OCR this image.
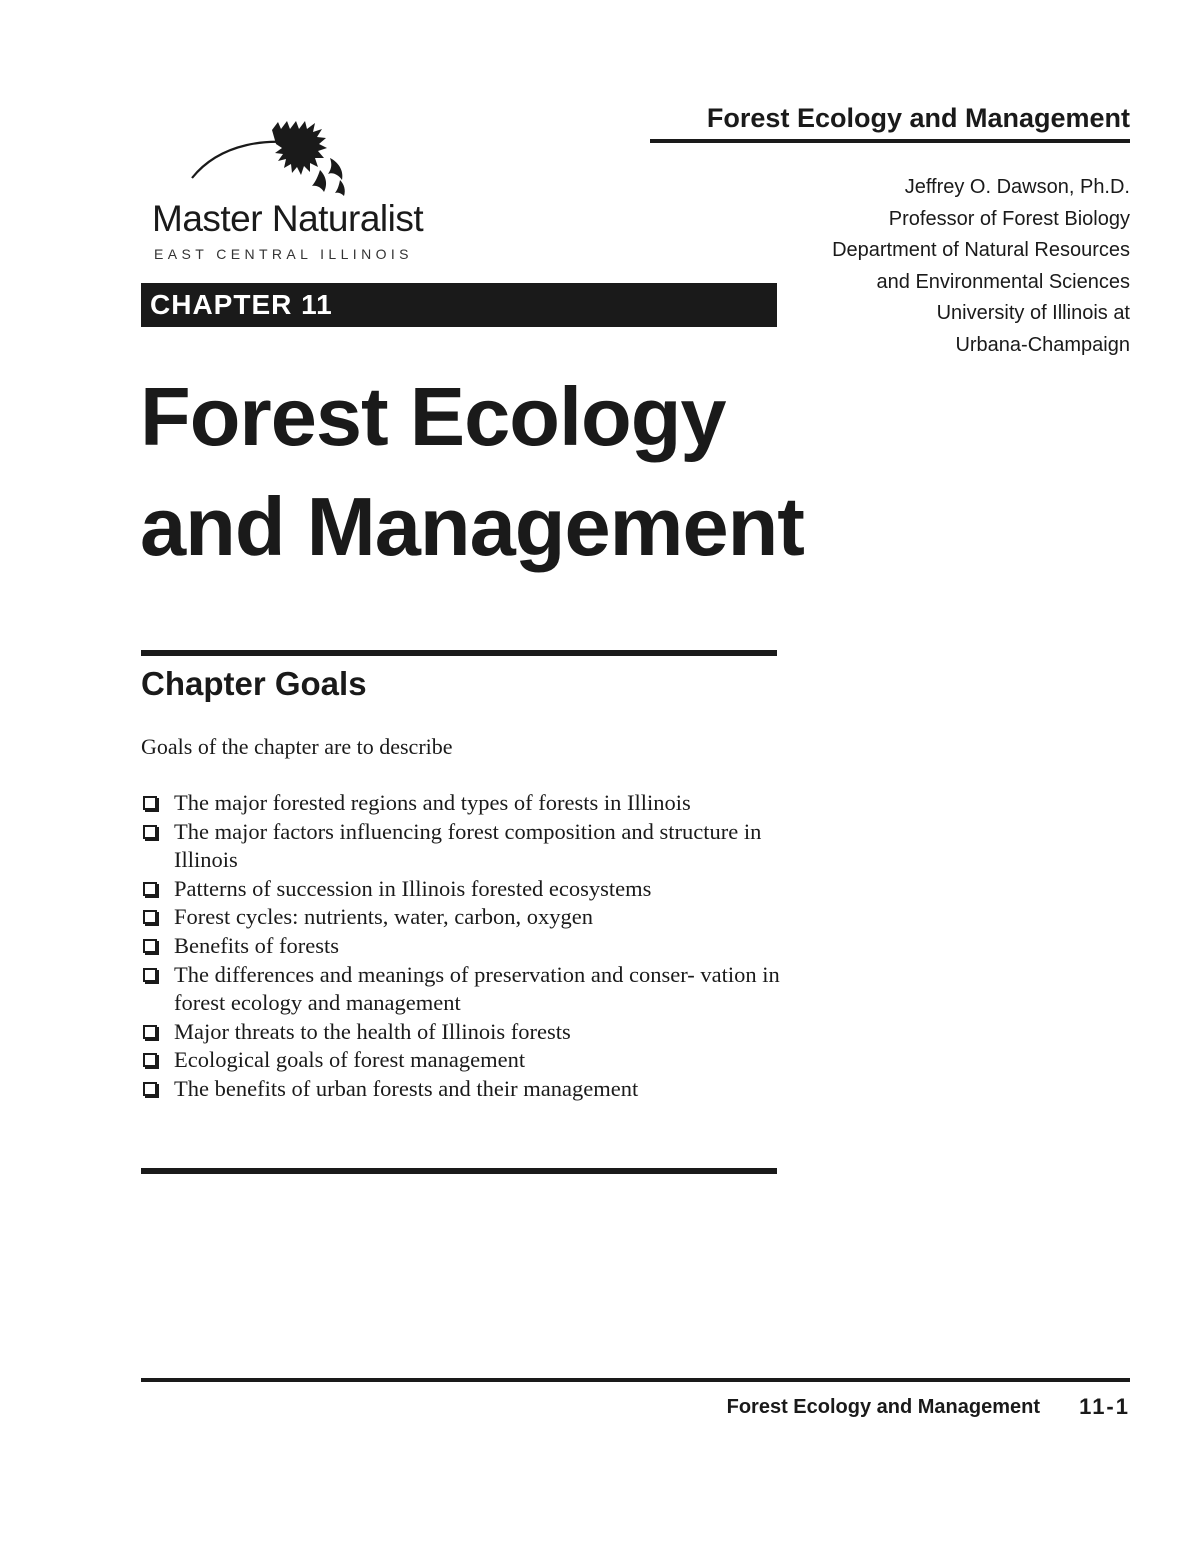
Master Naturalist
EAST CENTRAL ILLINOIS
Forest Ecology and Management
Jeffrey O. Dawson, Ph.D.
Professor of Forest Biology
Department of Natural Resources
and Environmental Sciences
University of Illinois at
Urbana-Champaign
CHAPTER 11
Forest Ecology
and Management
Chapter Goals
Goals of the chapter are to describe
The major forested regions and types of forests in Illinois
The major factors influencing forest composition and structure in Illinois
Patterns of succession in Illinois forested ecosystems
Forest cycles: nutrients, water, carbon, oxygen
Benefits of forests
The differences and meanings of preservation and conser- vation in forest ecology and management
Major threats to the health of Illinois forests
Ecological goals of forest management
The benefits of urban forests and their management
Forest Ecology and Management	11-1
